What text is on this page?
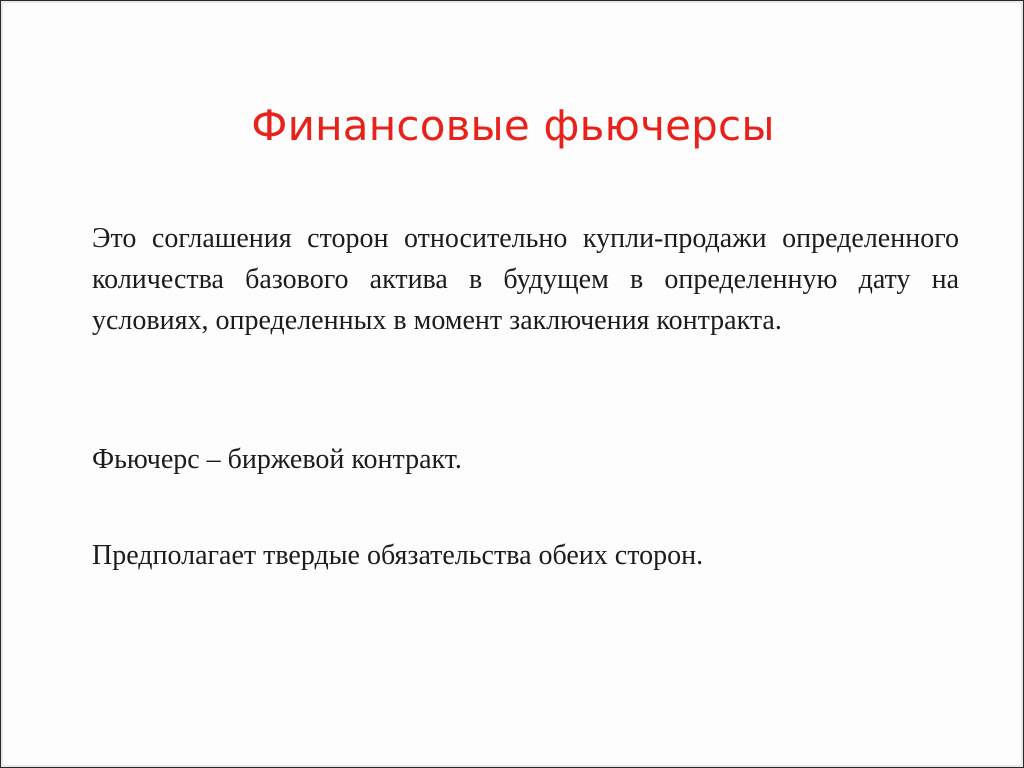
Финансовые фьючерсы

Это соглашения сторон относительно купли-продажи определенного количества базового актива в будущем в определенную дату на условиях, определенных в момент заключения контракта.

Фьючерс – биржевой контракт.

Предполагает твердые обязательства обеих сторон.
